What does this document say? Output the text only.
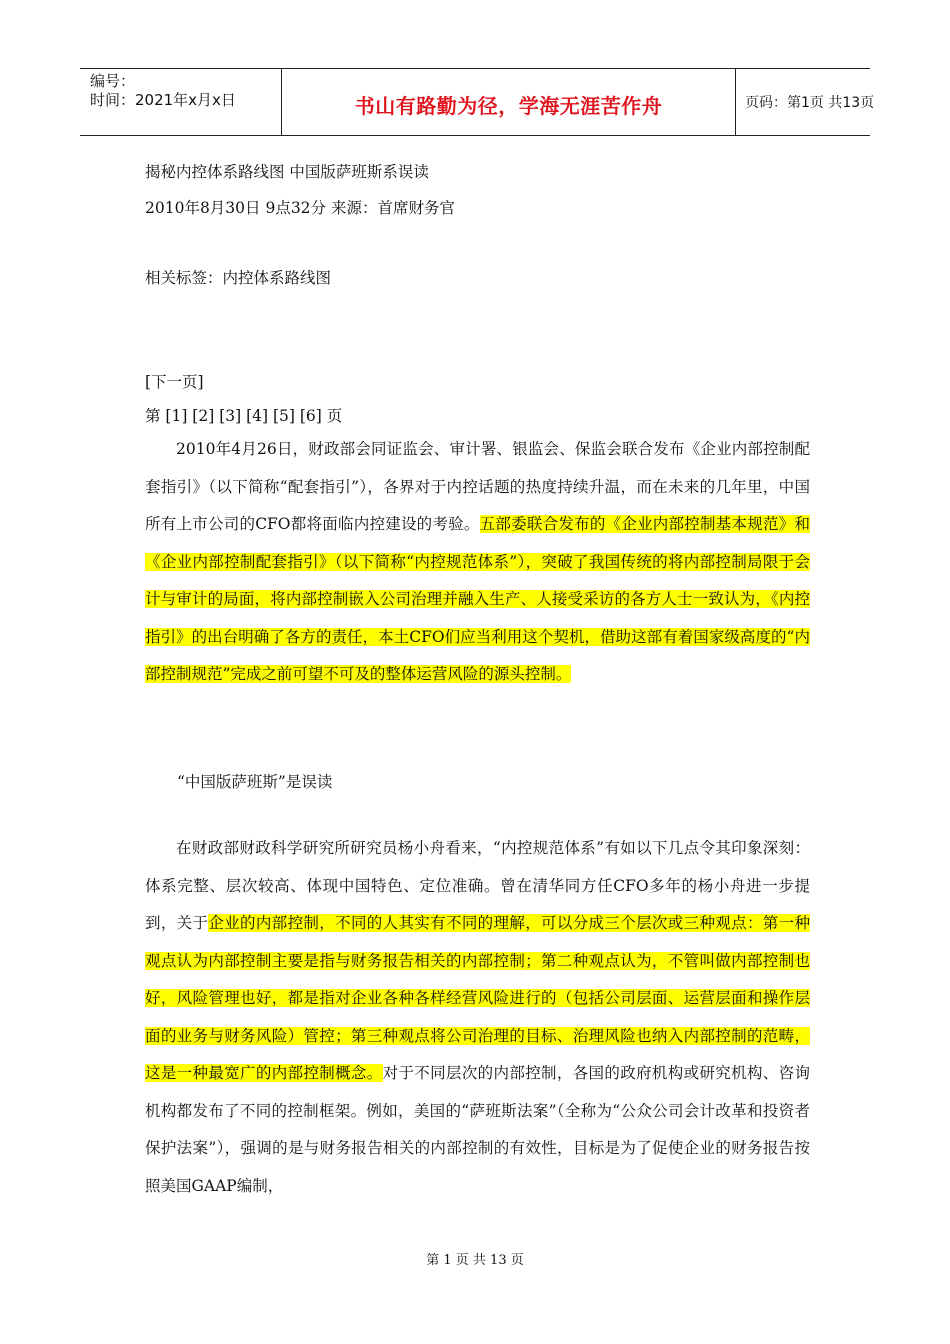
编号：
时间：2021年x月x日	书山有路勤为径，学海无涯苦作舟	页码：第1页 共13页
揭秘内控体系路线图 中国版萨班斯系误读
2010年8月30日 9点32分 来源：首席财务官
相关标签：内控体系路线图
[下一页]
第 [1] [2] [3] [4] [5] [6] 页
2010年4月26日，财政部会同证监会、审计署、银监会、保监会联合发布《企业内部控制配套指引》（以下简称“配套指引”），各界对于内控话题的热度持续升温，而在未来的几年里，中国所有上市公司的CFO都将面临内控建设的考验。五部委联合发布的《企业内部控制基本规范》和《企业内部控制配套指引》（以下简称“内控规范体系”），突破了我国传统的将内部控制局限于会计与审计的局面，将内部控制嵌入公司治理并融入生产、人接受采访的各方人士一致认为，《内控指引》的出台明确了各方的责任，本土CFO们应当利用这个契机，借助这部有着国家级高度的“内部控制规范”完成之前可望不可及的整体运营风险的源头控制。
“中国版萨班斯”是误读
在财政部财政科学研究所研究员杨小舟看来，“内控规范体系”有如以下几点令其印象深刻：体系完整、层次较高、体现中国特色、定位准确。曾在清华同方任CFO多年的杨小舟进一步提到，关于企业的内部控制，不同的人其实有不同的理解，可以分成三个层次或三种观点：第一种观点认为内部控制主要是指与财务报告相关的内部控制；第二种观点认为，不管叫做内部控制也好，风险管理也好，都是指对企业各种各样经营风险进行的（包括公司层面、运营层面和操作层面的业务与财务风险）管控；第三种观点将公司治理的目标、治理风险也纳入内部控制的范畴，这是一种最宽广的内部控制概念。对于不同层次的内部控制，各国的政府机构或研究机构、咨询机构都发布了不同的控制框架。例如，美国的“萨班斯法案”（全称为“公众公司会计改革和投资者保护法案”），强调的是与财务报告相关的内部控制的有效性，目标是为了促使企业的财务报告按照美国GAAP编制，
第 1 页 共 13 页
